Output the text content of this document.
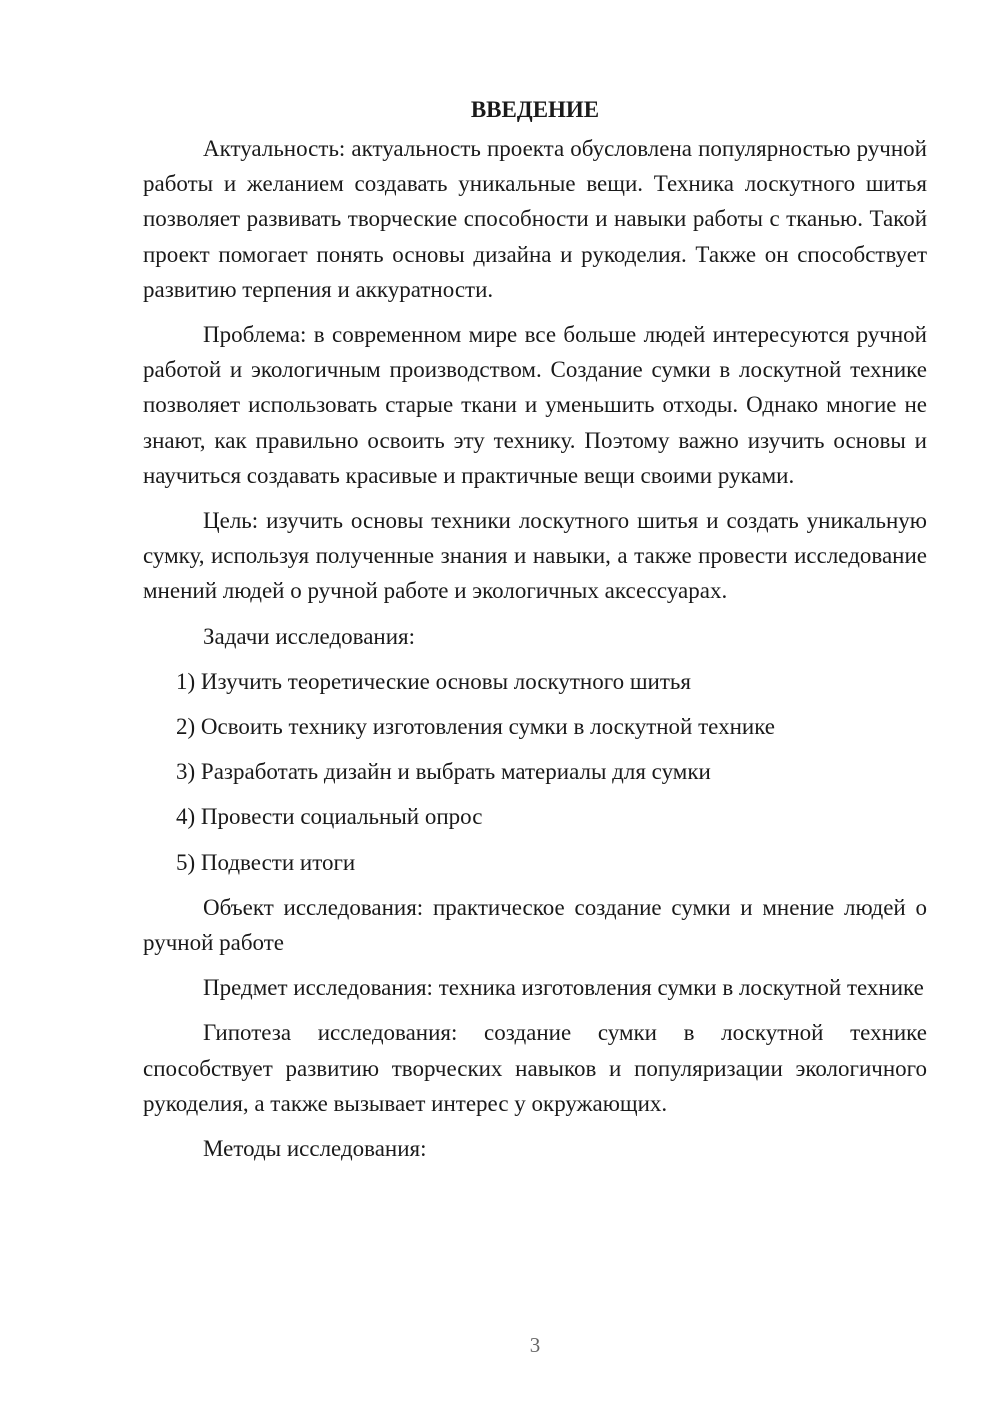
ВВЕДЕНИЕ

Актуальность: актуальность проекта обусловлена популярностью ручной работы и желанием создавать уникальные вещи. Техника лоскутного шитья позволяет развивать творческие способности и навыки работы с тканью. Такой проект помогает понять основы дизайна и рукоделия. Также он способствует развитию терпения и аккуратности.

Проблема: в современном мире все больше людей интересуются ручной работой и экологичным производством. Создание сумки в лоскутной технике позволяет использовать старые ткани и уменьшить отходы. Однако многие не знают, как правильно освоить эту технику. Поэтому важно изучить основы и научиться создавать красивые и практичные вещи своими руками.

Цель: изучить основы техники лоскутного шитья и создать уникальную сумку, используя полученные знания и навыки, а также провести исследование мнений людей о ручной работе и экологичных аксессуарах.

Задачи исследования:

1) Изучить теоретические основы лоскутного шитья

2) Освоить технику изготовления сумки в лоскутной технике

3) Разработать дизайн и выбрать материалы для сумки

4) Провести социальный опрос

5) Подвести итоги

Объект исследования: практическое создание сумки и мнение людей о ручной работе

Предмет исследования: техника изготовления сумки в лоскутной технике

Гипотеза исследования: создание сумки в лоскутной технике способствует развитию творческих навыков и популяризации экологичного рукоделия, а также вызывает интерес у окружающих.

Методы исследования:

3
